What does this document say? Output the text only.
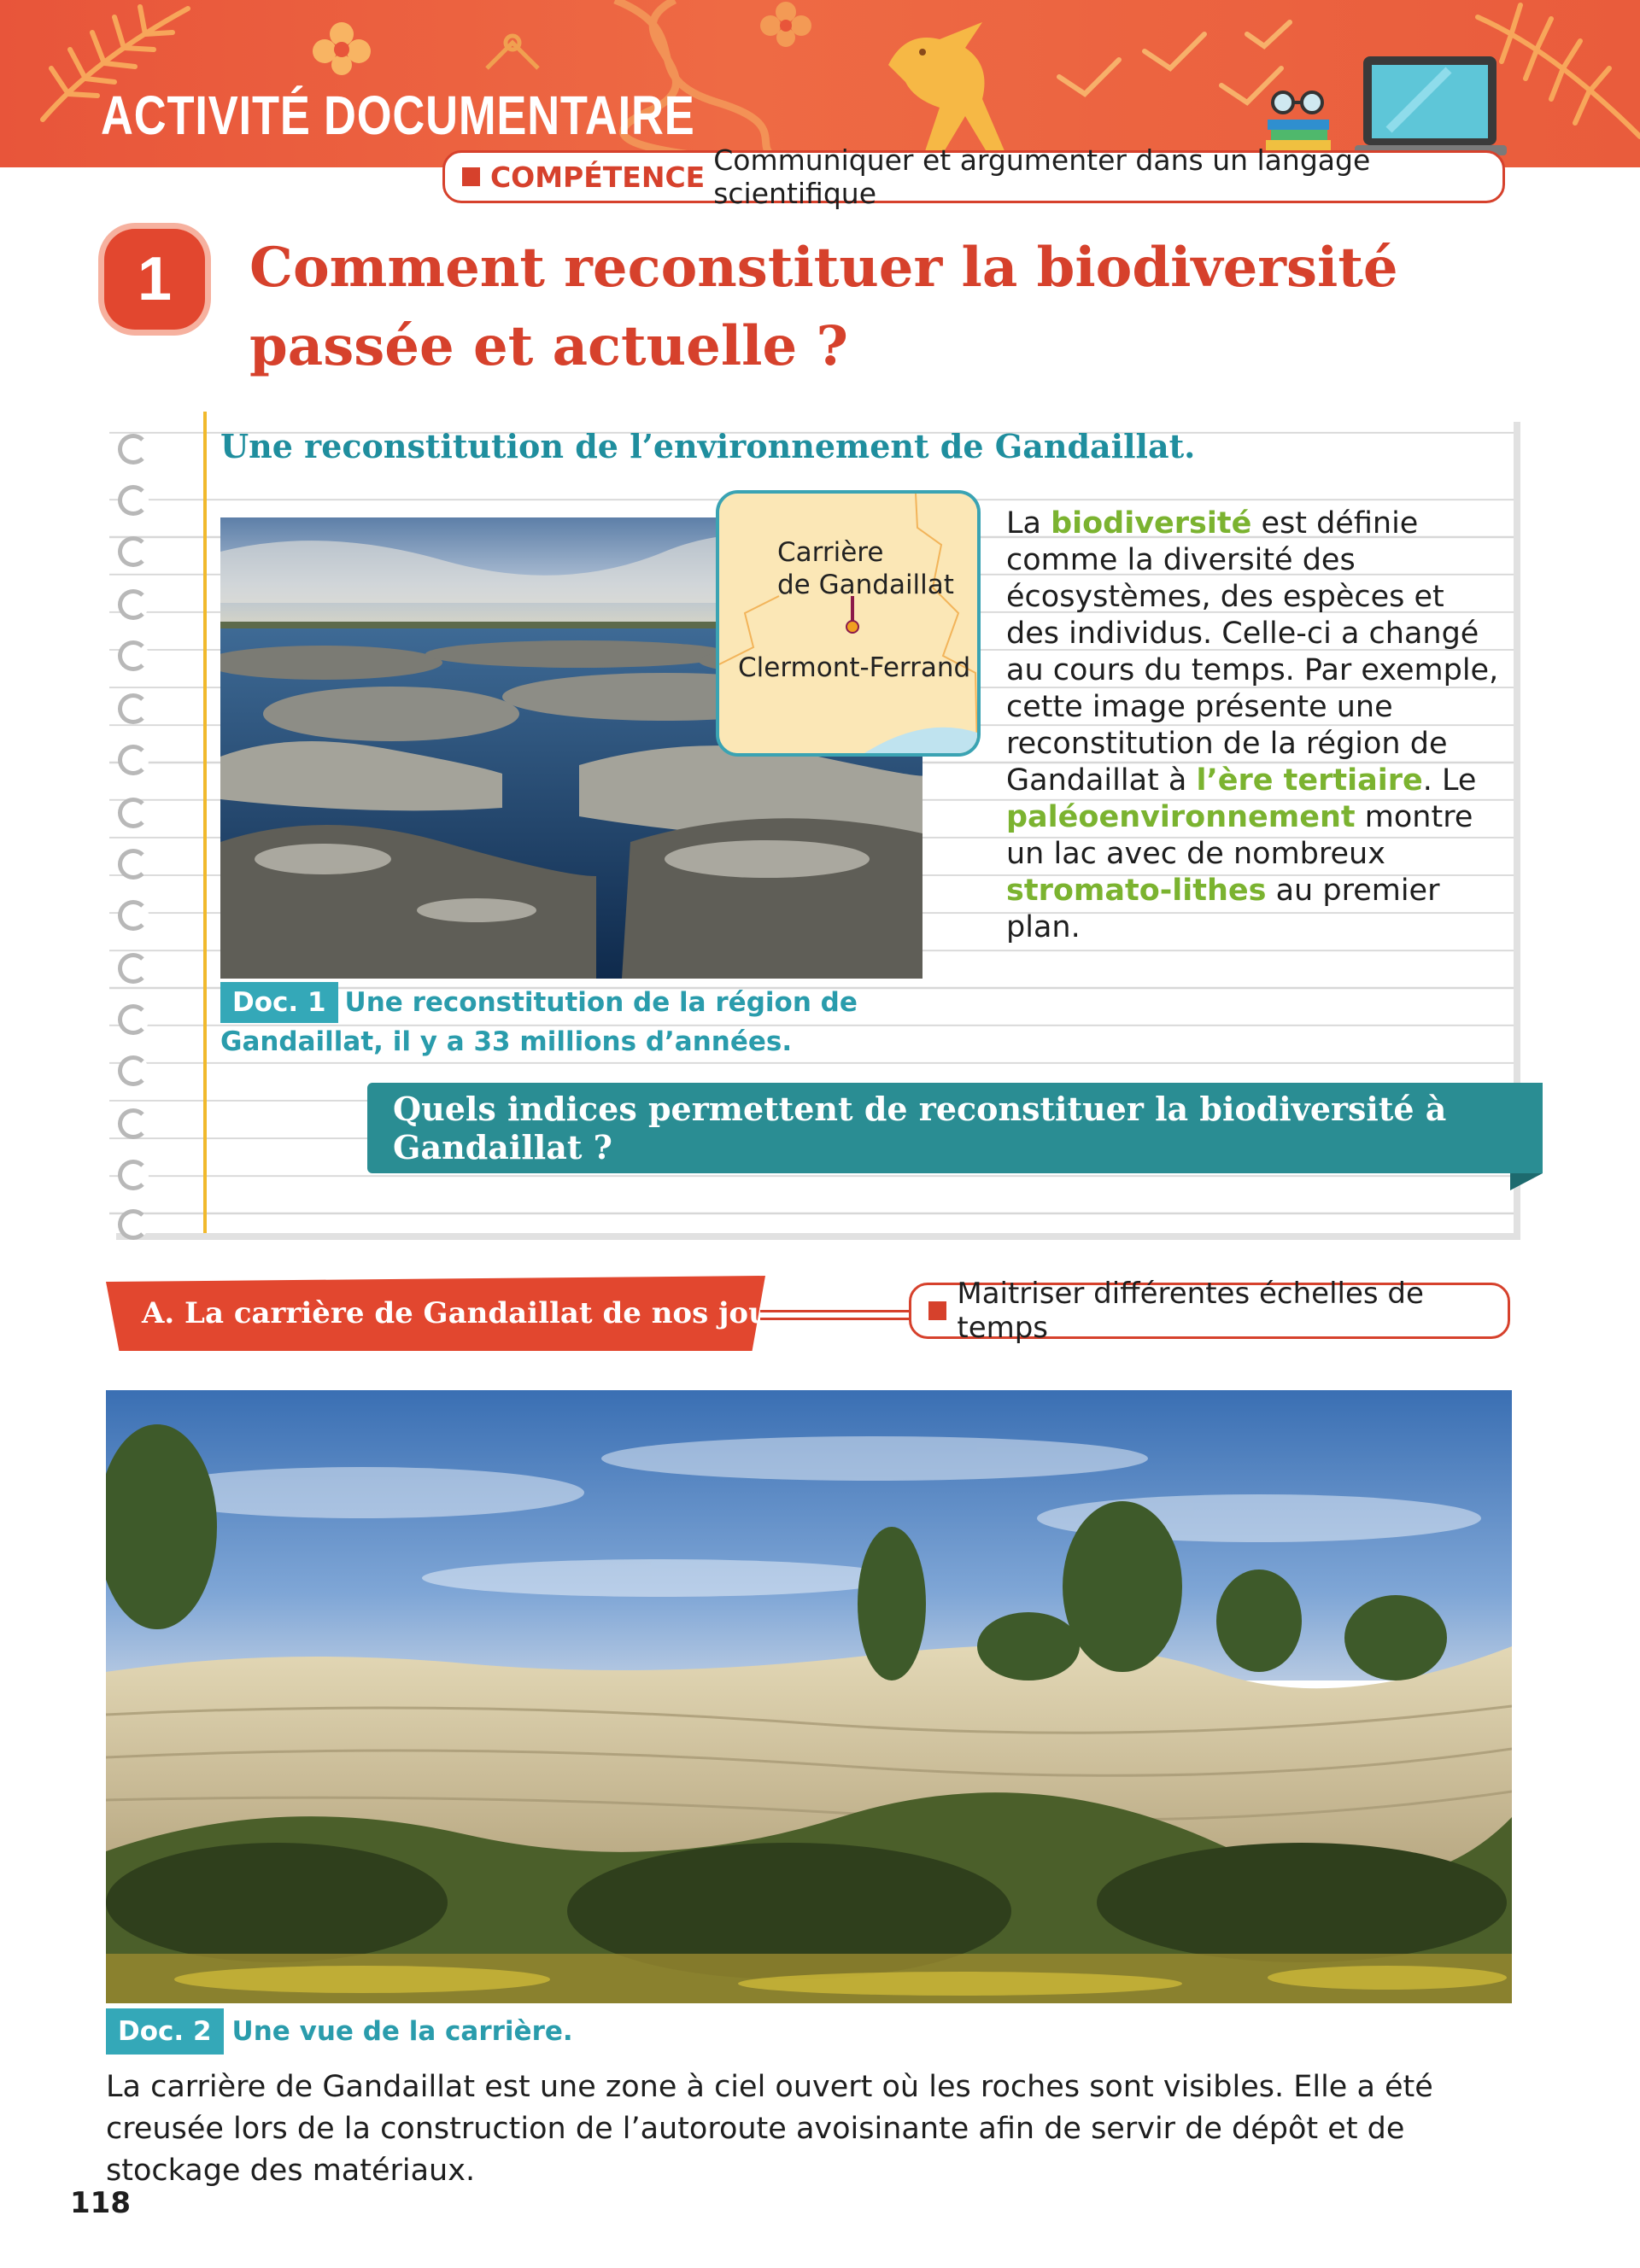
ACTIVITÉ DOCUMENTAIRE
COMPÉTENCE Communiquer et argumenter dans un langage scientifique
1	Comment reconstituer la biodiversité passée et actuelle ?
Une reconstitution de l’environnement de Gandaillat.
Carrière
de Gandaillat
Clermont-Ferrand

La biodiversité est définie comme la diversité des écosystèmes, des espèces et des individus. Celle-ci a changé au cours du temps. Par exemple, cette image présente une reconstitution de la région de Gandaillat à l’ère tertiaire. Le paléoenvironnement montre un lac avec de nombreux stromato-lithes au premier plan.

Doc. 1 Une reconstitution de la région de Gandaillat, il y a 33 millions d’années.
Quels indices permettent de reconstituer la biodiversité à Gandaillat ?
A. La carrière de Gandaillat de nos jours
Maitriser différentes échelles de temps
Doc. 2 Une vue de la carrière.

La carrière de Gandaillat est une zone à ciel ouvert où les roches sont visibles. Elle a été creusée lors de la construction de l’autoroute avoisinante afin de servir de dépôt et de stockage des matériaux.

118
